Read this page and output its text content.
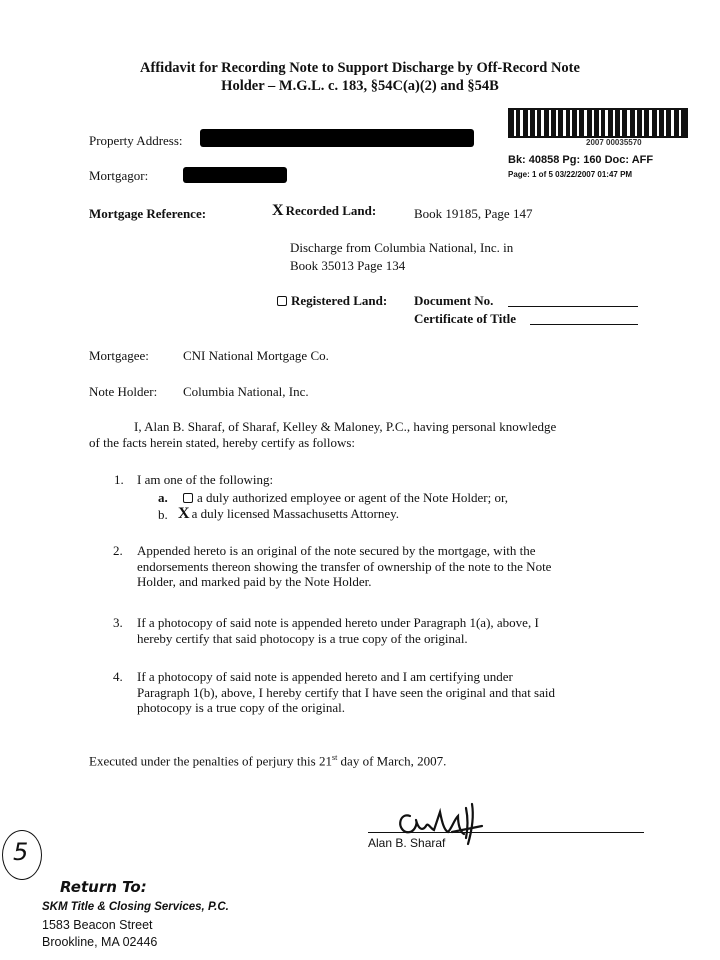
Affidavit for Recording Note to Support Discharge by Off-Record Note
Holder – M.G.L. c. 183, §54C(a)(2) and §54B
2007 00035570
Bk: 40858 Pg: 160 Doc: AFF
Page: 1 of 5 03/22/2007 01:47 PM
Property Address:
Mortgagor:
Mortgage Reference:	X Recorded Land:	Book 19185, Page 147
Discharge from Columbia National, Inc. in
Book 35013 Page 134
Registered Land: Document No.
Certificate of Title
Mortgagee:	CNI National Mortgage Co.
Note Holder: Columbia National, Inc.
I, Alan B. Sharaf, of Sharaf, Kelley & Maloney, P.C., having personal knowledge
of the facts herein stated, hereby certify as follows:
1. I am one of the following:
a.	a duly authorized employee or agent of the Note Holder; or,
b. X a duly licensed Massachusetts Attorney.
2. Appended hereto is an original of the note secured by the mortgage, with the
endorsements thereon showing the transfer of ownership of the note to the Note
Holder, and marked paid by the Note Holder.
3. If a photocopy of said note is appended hereto under Paragraph 1(a), above, I
hereby certify that said photocopy is a true copy of the original.
4. If a photocopy of said note is appended hereto and I am certifying under
Paragraph 1(b), above, I hereby certify that I have seen the original and that said
photocopy is a true copy of the original.
Executed under the penalties of perjury this 21st day of March, 2007.
Alan B. Sharaf
5
Return To:
SKM Title & Closing Services, P.C.
1583 Beacon Street
Brookline, MA 02446
